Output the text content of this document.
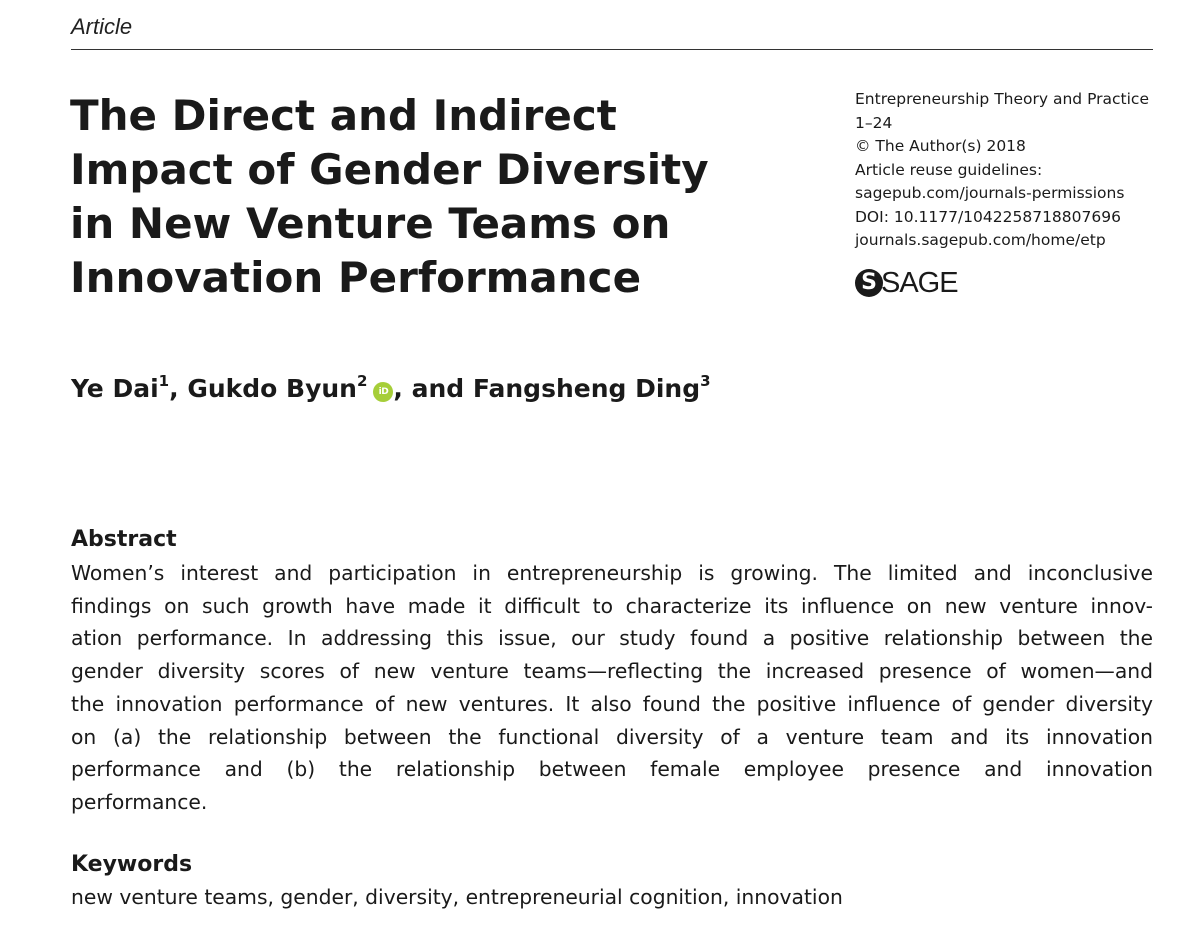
Article
The Direct and Indirect
Impact of Gender Diversity
in New Venture Teams on
Innovation Performance
Entrepreneurship Theory and Practice
1–24
© The Author(s) 2018
Article reuse guidelines:
sagepub.com/journals-permissions
DOI: 10.1177/1042258718807696
journals.sagepub.com/home/etp
S SAGE
Ye Dai$^1$, Gukdo Byun$^2$iD , and Fangsheng Ding$^3$
Abstract
Women’s interest and participation in entrepreneurship is growing. The limited and inconclusive
findings on such growth have made it difficult to characterize its influence on new venture innov-
ation performance. In addressing this issue, our study found a positive relationship between the
gender diversity scores of new venture teams—reflecting the increased presence of women—and
the innovation performance of new ventures. It also found the positive influence of gender diversity
on (a) the relationship between the functional diversity of a venture team and its innovation
performance and (b) the relationship between female employee presence and innovation
performance.
Keywords
new venture teams, gender, diversity, entrepreneurial cognition, innovation
